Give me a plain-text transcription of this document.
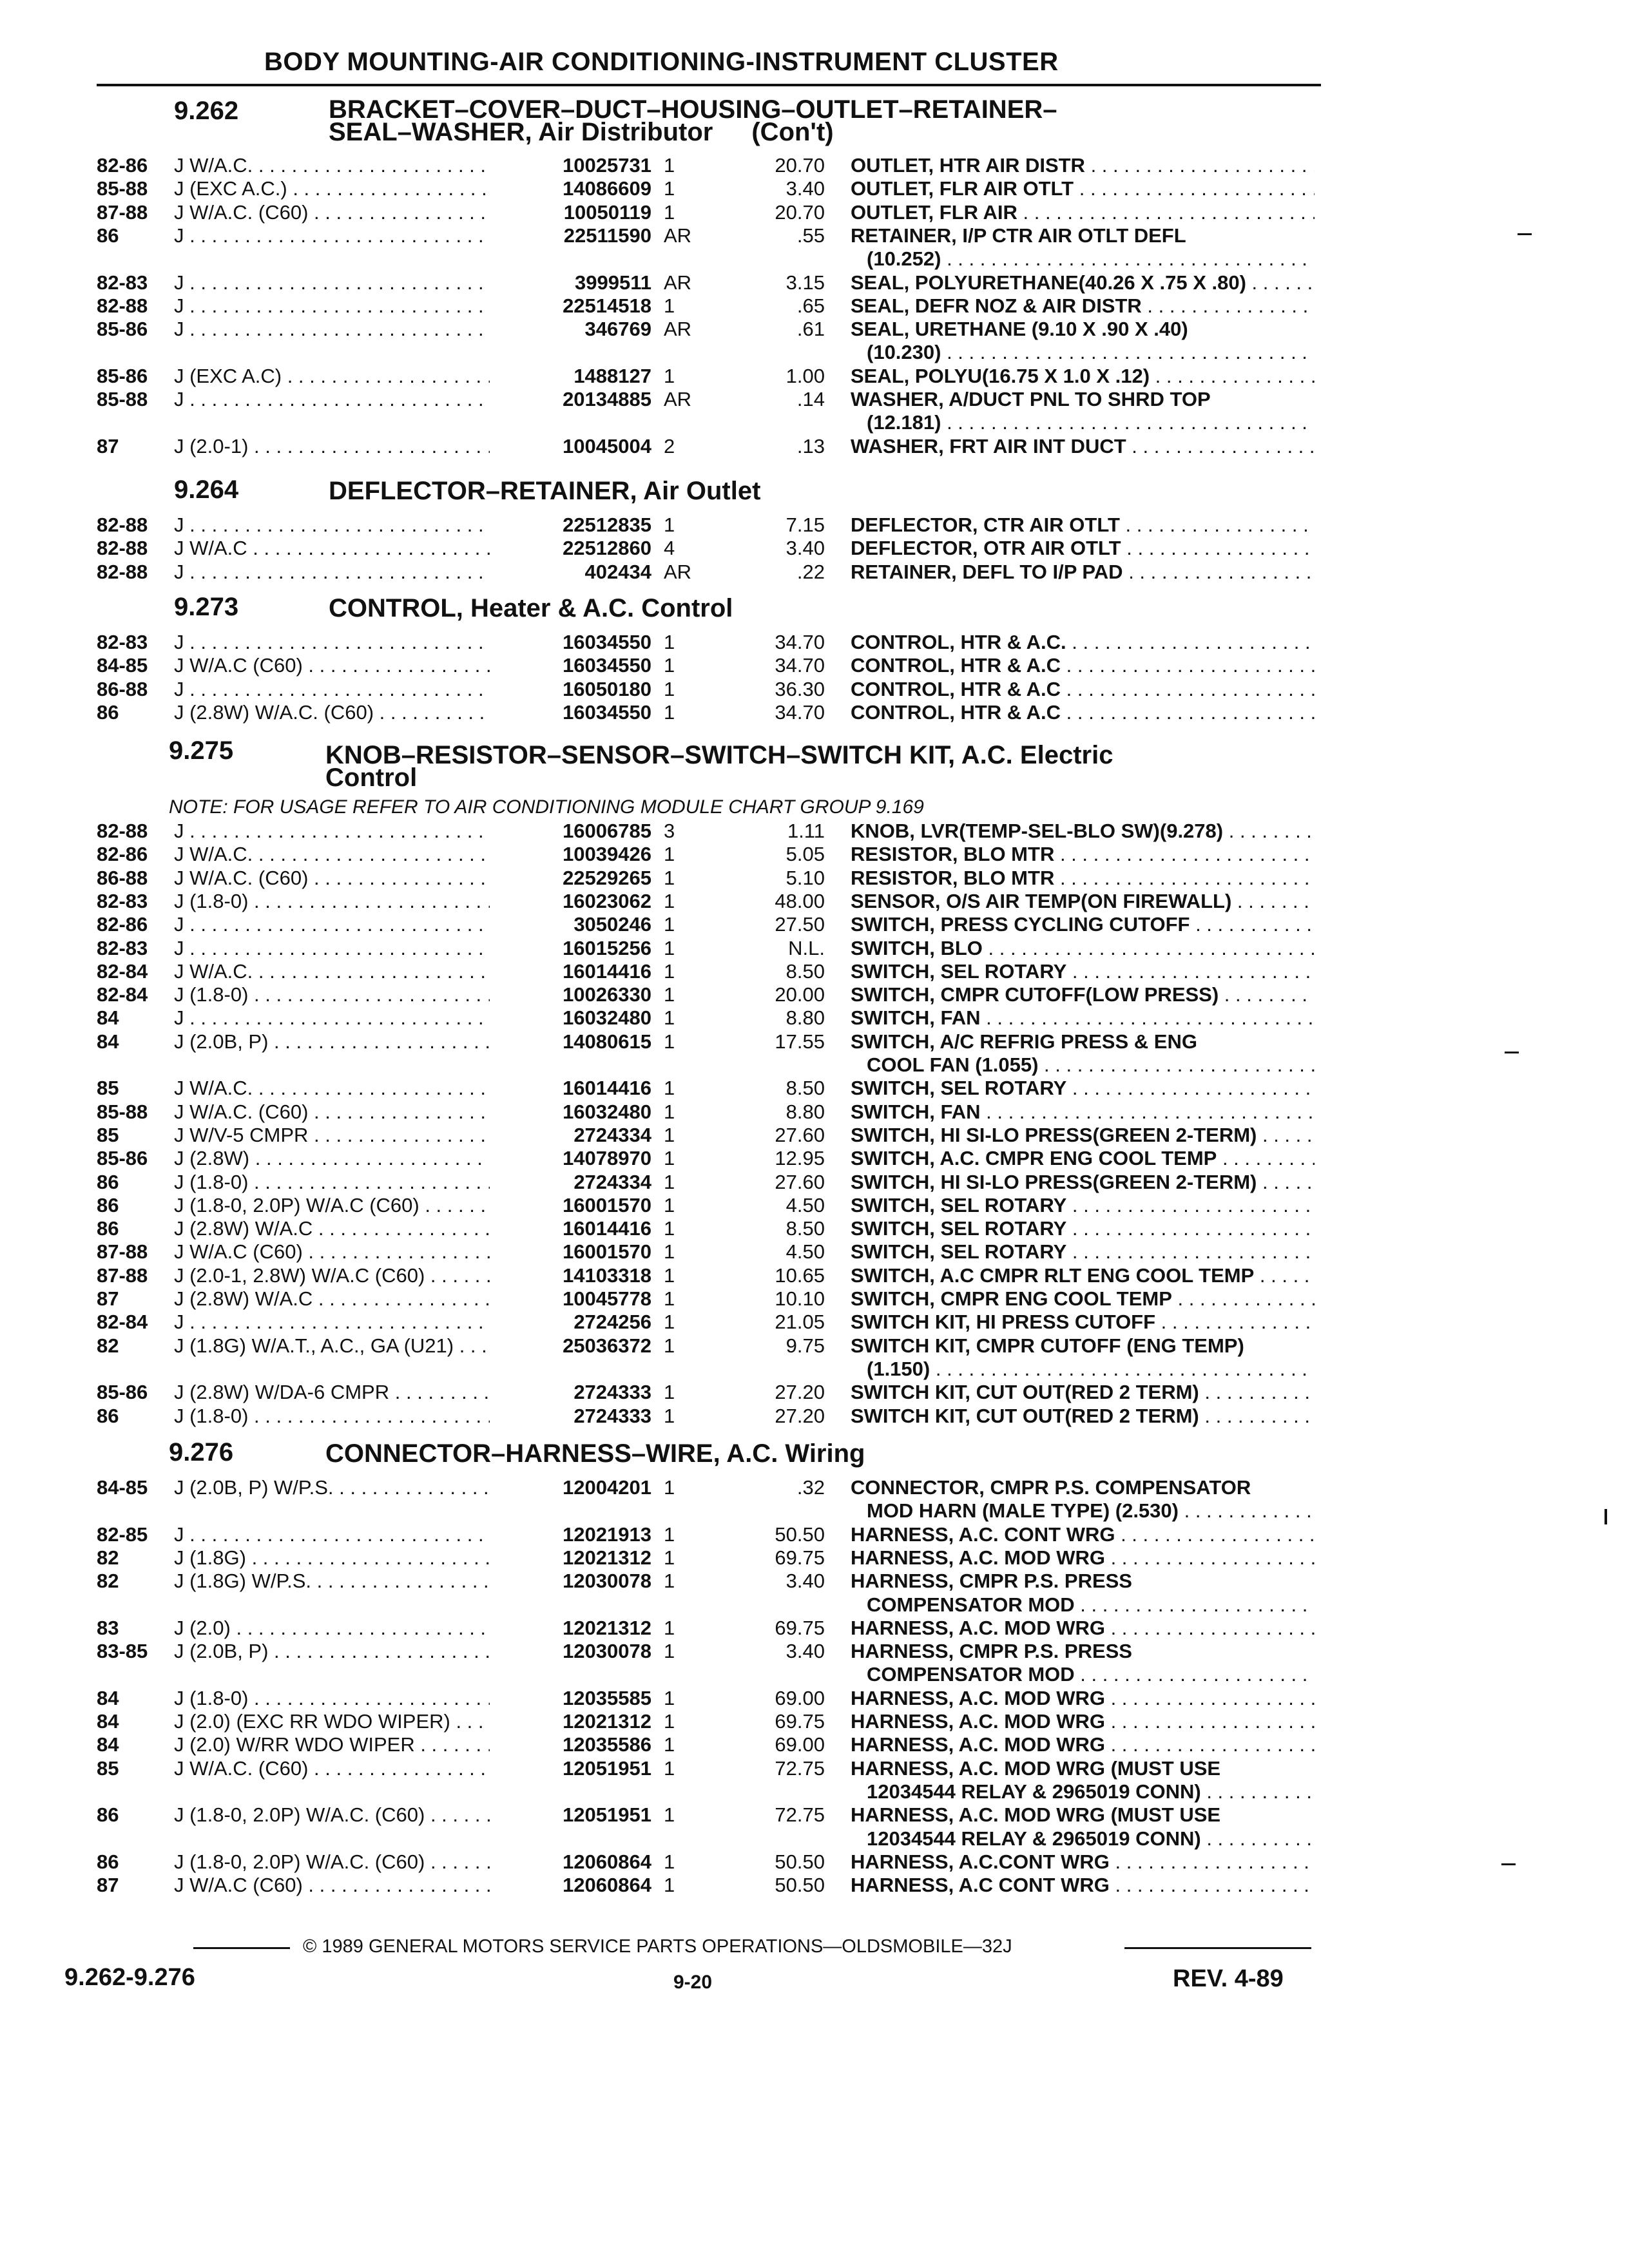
BODY MOUNTING-AIR CONDITIONING-INSTRUMENT CLUSTER
9.262	BRACKET–COVER–DUCT–HOUSING–OUTLET–RETAINER–
SEAL–WASHER, Air Distributor (Con't)
82-86 J W/A.C. . . .	10025731 1	20.70 OUTLET, HTR AIR DISTR . . .
85-88 J (EXC A.C.) . . .	14086609 1	3.40 OUTLET, FLR AIR OTLT . . .
87-88 J W/A.C. (C60) . . .	10050119 1	20.70 OUTLET, FLR AIR . . .
86	J . . .	22511590 AR	.55 RETAINER, I/P CTR AIR OTLT DEFL
(10.252) . . .
82-83 J . . .	3999511 AR	3.15 SEAL, POLYURETHANE(40.26 X .75 X .80) . . .
82-88 J . . .	22514518 1	.65 SEAL, DEFR NOZ & AIR DISTR . . .
85-86 J . . .	346769 AR	.61 SEAL, URETHANE (9.10 X .90 X .40)
(10.230) . . .
85-86 J (EXC A.C) . . .	1488127 1	1.00 SEAL, POLYU(16.75 X 1.0 X .12) . . .
85-88 J . . .	20134885 AR	.14 WASHER, A/DUCT PNL TO SHRD TOP
(12.181) . . .
87	J (2.0-1) . . .	10045004 2	.13 WASHER, FRT AIR INT DUCT . . .
9.264	DEFLECTOR–RETAINER, Air Outlet
82-88 J . . .	22512835 1	7.15 DEFLECTOR, CTR AIR OTLT . . .
82-88 J W/A.C . . .	22512860 4	3.40 DEFLECTOR, OTR AIR OTLT . . .
82-88 J . . .	402434 AR	.22 RETAINER, DEFL TO I/P PAD . . .
9.273	CONTROL, Heater & A.C. Control
82-83 J . . .	16034550 1	34.70 CONTROL, HTR & A.C. . . .
84-85 J W/A.C (C60) . . .	16034550 1	34.70 CONTROL, HTR & A.C . . .
86-88 J . . .	16050180 1	36.30 CONTROL, HTR & A.C . . .
86	J (2.8W) W/A.C. (C60) . . .	16034550 1	34.70 CONTROL, HTR & A.C . . .
9.275	KNOB–RESISTOR–SENSOR–SWITCH–SWITCH KIT, A.C. Electric
Control
NOTE: FOR USAGE REFER TO AIR CONDITIONING MODULE CHART GROUP 9.169
82-88 J . . .	16006785 3	1.11 KNOB, LVR(TEMP-SEL-BLO SW)(9.278) . . .
82-86 J W/A.C. . . .	10039426 1	5.05 RESISTOR, BLO MTR . . .
86-88 J W/A.C. (C60) . . .	22529265 1	5.10 RESISTOR, BLO MTR . . .
82-83 J (1.8-0) . . .	16023062 1	48.00 SENSOR, O/S AIR TEMP(ON FIREWALL) . . .
82-86 J . . .	3050246 1	27.50 SWITCH, PRESS CYCLING CUTOFF . . .
82-83 J . . .	16015256 1	N.L. SWITCH, BLO . . .
82-84 J W/A.C. . . .	16014416 1	8.50 SWITCH, SEL ROTARY . . .
82-84 J (1.8-0) . . .	10026330 1	20.00 SWITCH, CMPR CUTOFF(LOW PRESS) . . .
84	J . . .	16032480 1	8.80 SWITCH, FAN . . .
84	J (2.0B, P) . . .	14080615 1	17.55 SWITCH, A/C REFRIG PRESS & ENG
COOL FAN (1.055) . . .
85	J W/A.C. . . .	16014416 1	8.50 SWITCH, SEL ROTARY . . .
85-88 J W/A.C. (C60) . . .	16032480 1	8.80 SWITCH, FAN . . .
85	J W/V-5 CMPR . . .	2724334 1	27.60 SWITCH, HI SI-LO PRESS(GREEN 2-TERM) . . .
85-86 J (2.8W) . . .	14078970 1	12.95 SWITCH, A.C. CMPR ENG COOL TEMP . . .
86	J (1.8-0) . . .	2724334 1	27.60 SWITCH, HI SI-LO PRESS(GREEN 2-TERM) . . .
86	J (1.8-0, 2.0P) W/A.C (C60) . . .	16001570 1	4.50 SWITCH, SEL ROTARY . . .
86	J (2.8W) W/A.C . . .	16014416 1	8.50 SWITCH, SEL ROTARY . . .
87-88 J W/A.C (C60) . . .	16001570 1	4.50 SWITCH, SEL ROTARY . . .
87-88 J (2.0-1, 2.8W) W/A.C (C60) . . .	14103318 1	10.65 SWITCH, A.C CMPR RLT ENG COOL TEMP . . .
87	J (2.8W) W/A.C . . .	10045778 1	10.10 SWITCH, CMPR ENG COOL TEMP . . .
82-84 J . . .	2724256 1	21.05 SWITCH KIT, HI PRESS CUTOFF . . .
82	J (1.8G) W/A.T., A.C., GA (U21) . . .	25036372 1	9.75 SWITCH KIT, CMPR CUTOFF (ENG TEMP)
(1.150) . . .
85-86 J (2.8W) W/DA-6 CMPR . . .	2724333 1	27.20 SWITCH KIT, CUT OUT(RED 2 TERM) . . .
86	J (1.8-0) . . .	2724333 1	27.20 SWITCH KIT, CUT OUT(RED 2 TERM) . . .
9.276	CONNECTOR–HARNESS–WIRE, A.C. Wiring
84-85 J (2.0B, P) W/P.S. . . .	12004201 1	.32 CONNECTOR, CMPR P.S. COMPENSATOR
MOD HARN (MALE TYPE) (2.530) . . .
82-85 J . . .	12021913 1	50.50 HARNESS, A.C. CONT WRG . . .
82	J (1.8G) . . .	12021312 1	69.75 HARNESS, A.C. MOD WRG . . .
82	J (1.8G) W/P.S. . . .	12030078 1	3.40 HARNESS, CMPR P.S. PRESS
COMPENSATOR MOD . . .
83	J (2.0) . . .	12021312 1	69.75 HARNESS, A.C. MOD WRG . . .
83-85 J (2.0B, P) . . .	12030078 1	3.40 HARNESS, CMPR P.S. PRESS
COMPENSATOR MOD . . .
84	J (1.8-0) . . .	12035585 1	69.00 HARNESS, A.C. MOD WRG . . .
84	J (2.0) (EXC RR WDO WIPER) . . .	12021312 1	69.75 HARNESS, A.C. MOD WRG . . .
84	J (2.0) W/RR WDO WIPER . . .	12035586 1	69.00 HARNESS, A.C. MOD WRG . . .
85	J W/A.C. (C60) . . .	12051951 1	72.75 HARNESS, A.C. MOD WRG (MUST USE
12034544 RELAY & 2965019 CONN) . . .
86	J (1.8-0, 2.0P) W/A.C. (C60) . . .	12051951 1	72.75 HARNESS, A.C. MOD WRG (MUST USE
12034544 RELAY & 2965019 CONN) . . .
86	J (1.8-0, 2.0P) W/A.C. (C60) . . .	12060864 1	50.50 HARNESS, A.C.CONT WRG . . .
87	J W/A.C (C60) . . .	12060864 1	50.50 HARNESS, A.C CONT WRG . . .
© 1989 GENERAL MOTORS SERVICE PARTS OPERATIONS—OLDSMOBILE—32J
9.262-9.276	9-20	REV. 4-89
